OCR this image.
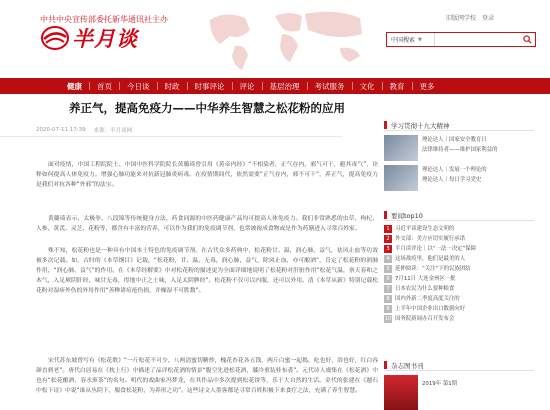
中共中央宣传部委托新华通讯社主办
半月谈
旧版网学校 登录
中国搜索 ▼
健康	首页	今日谈	时政	时事评论	评论	基层治理	考试服务	文化	教育	更多
养正气，提高免疫力——中华养生智慧之松花粉的应用
2020-07-11 17:39 来源：半月谈网
面对疫情，中国工程院院士、中国中医科学院院长黄璐琦曾引用《黄帝内经》“不相染者，正气存内，邪气可干，避其毒气”，诠释如何提高人体免疫力。增强心肺功能来对抗新冠肺炎病毒。在疫情期间代，依然需要“正气存内，邪不可干”，养正气，提高免疫力是我们对抗各种“外邪”的法宝。
黄璐琦表示，太极拳、八段锦等传统健身方法，药食同源的中医药健康产品均可提高人体免疫力。我们非常熟悉的虫草、枸杞、人参、黄芪、灵芝、花粉等，都含有丰富的营养，可以作为我们的免疫调节剂，也常被视成食物或是作为药膳进入寻常百姓家。
殊不知，松花粉也是一种具有中国本土特色的免疫调节剂。在古代众多药典中，松花粉甘、温，润心肺，益气，祛风止血等功效被多次记载。如，古时的《本草纲目》记载，“松花粉，甘、温、无毒，润心肺，益气，除风止血，亦可酿酒”，肯定了松花粉的润肺作用，“润心肺，益气”的作用。在《本草经解要》中对松花粉的描述更为全面详细地说明了松花粉对肝脏作用“松花气温，禀天春和之木气，入足厥阴肝经，味甘无毒，得地中正之土味，入足太阴脾经”。松花粉不仅可以内服，还可以外用。清《本草从新》特别记载松花粉对湿疹外伤的外用作用“善糁诸痘疮伤损，并燥湿不可胜数”。
宋代苏东坡曾写有《松花歌》“一斤松花不可少，八两清蜜切糖炒，槐花杏花各五钱，两斤白蜜一起捣，吃也好，浴也好，红白容颜直到老”。唐代白居易在《枕上行》中描述了品评松花酒的情景“腹空先进松花酒，膝冷重装桂布裘”。元代诗人虞集在《松花酒》中也有“松花酿酒，春水煎茶”的名句。明代的戏曲家冯梦龙，在其作品中多次提到松花饼等，乐于大自然的生活。金代的张建在《题石中松下诗》中说“谁从丛阴下，服食松花粉，为养形之功”。这些诗文人墨客都是寻常百姓积极下来食疗之法，充满了养生智慧。
学习贯彻十九大精神
理论达人｜国家安全教育日
法律维持者——维护国家利益的
理论达人｜发展一个理论的
理论达人｜每日学习党史
要闻top10
1	习近平谈建设生态文明的
2	外交部：美方应切实履行承诺
3	半月谈评论｜以“一法一决定”保障
4	这场战疫里，他们是最美的人
5	延伸阅读：“关注”下的民族团结
6	7月11日 大连金州区一批
7	日本农民为什么要种粮食
8	国内外新二季度高度关注的
9	上半年中国企业出口数据向好
10 国务院新闻办召开发布会
杂志图书刊
2019年 第1期
